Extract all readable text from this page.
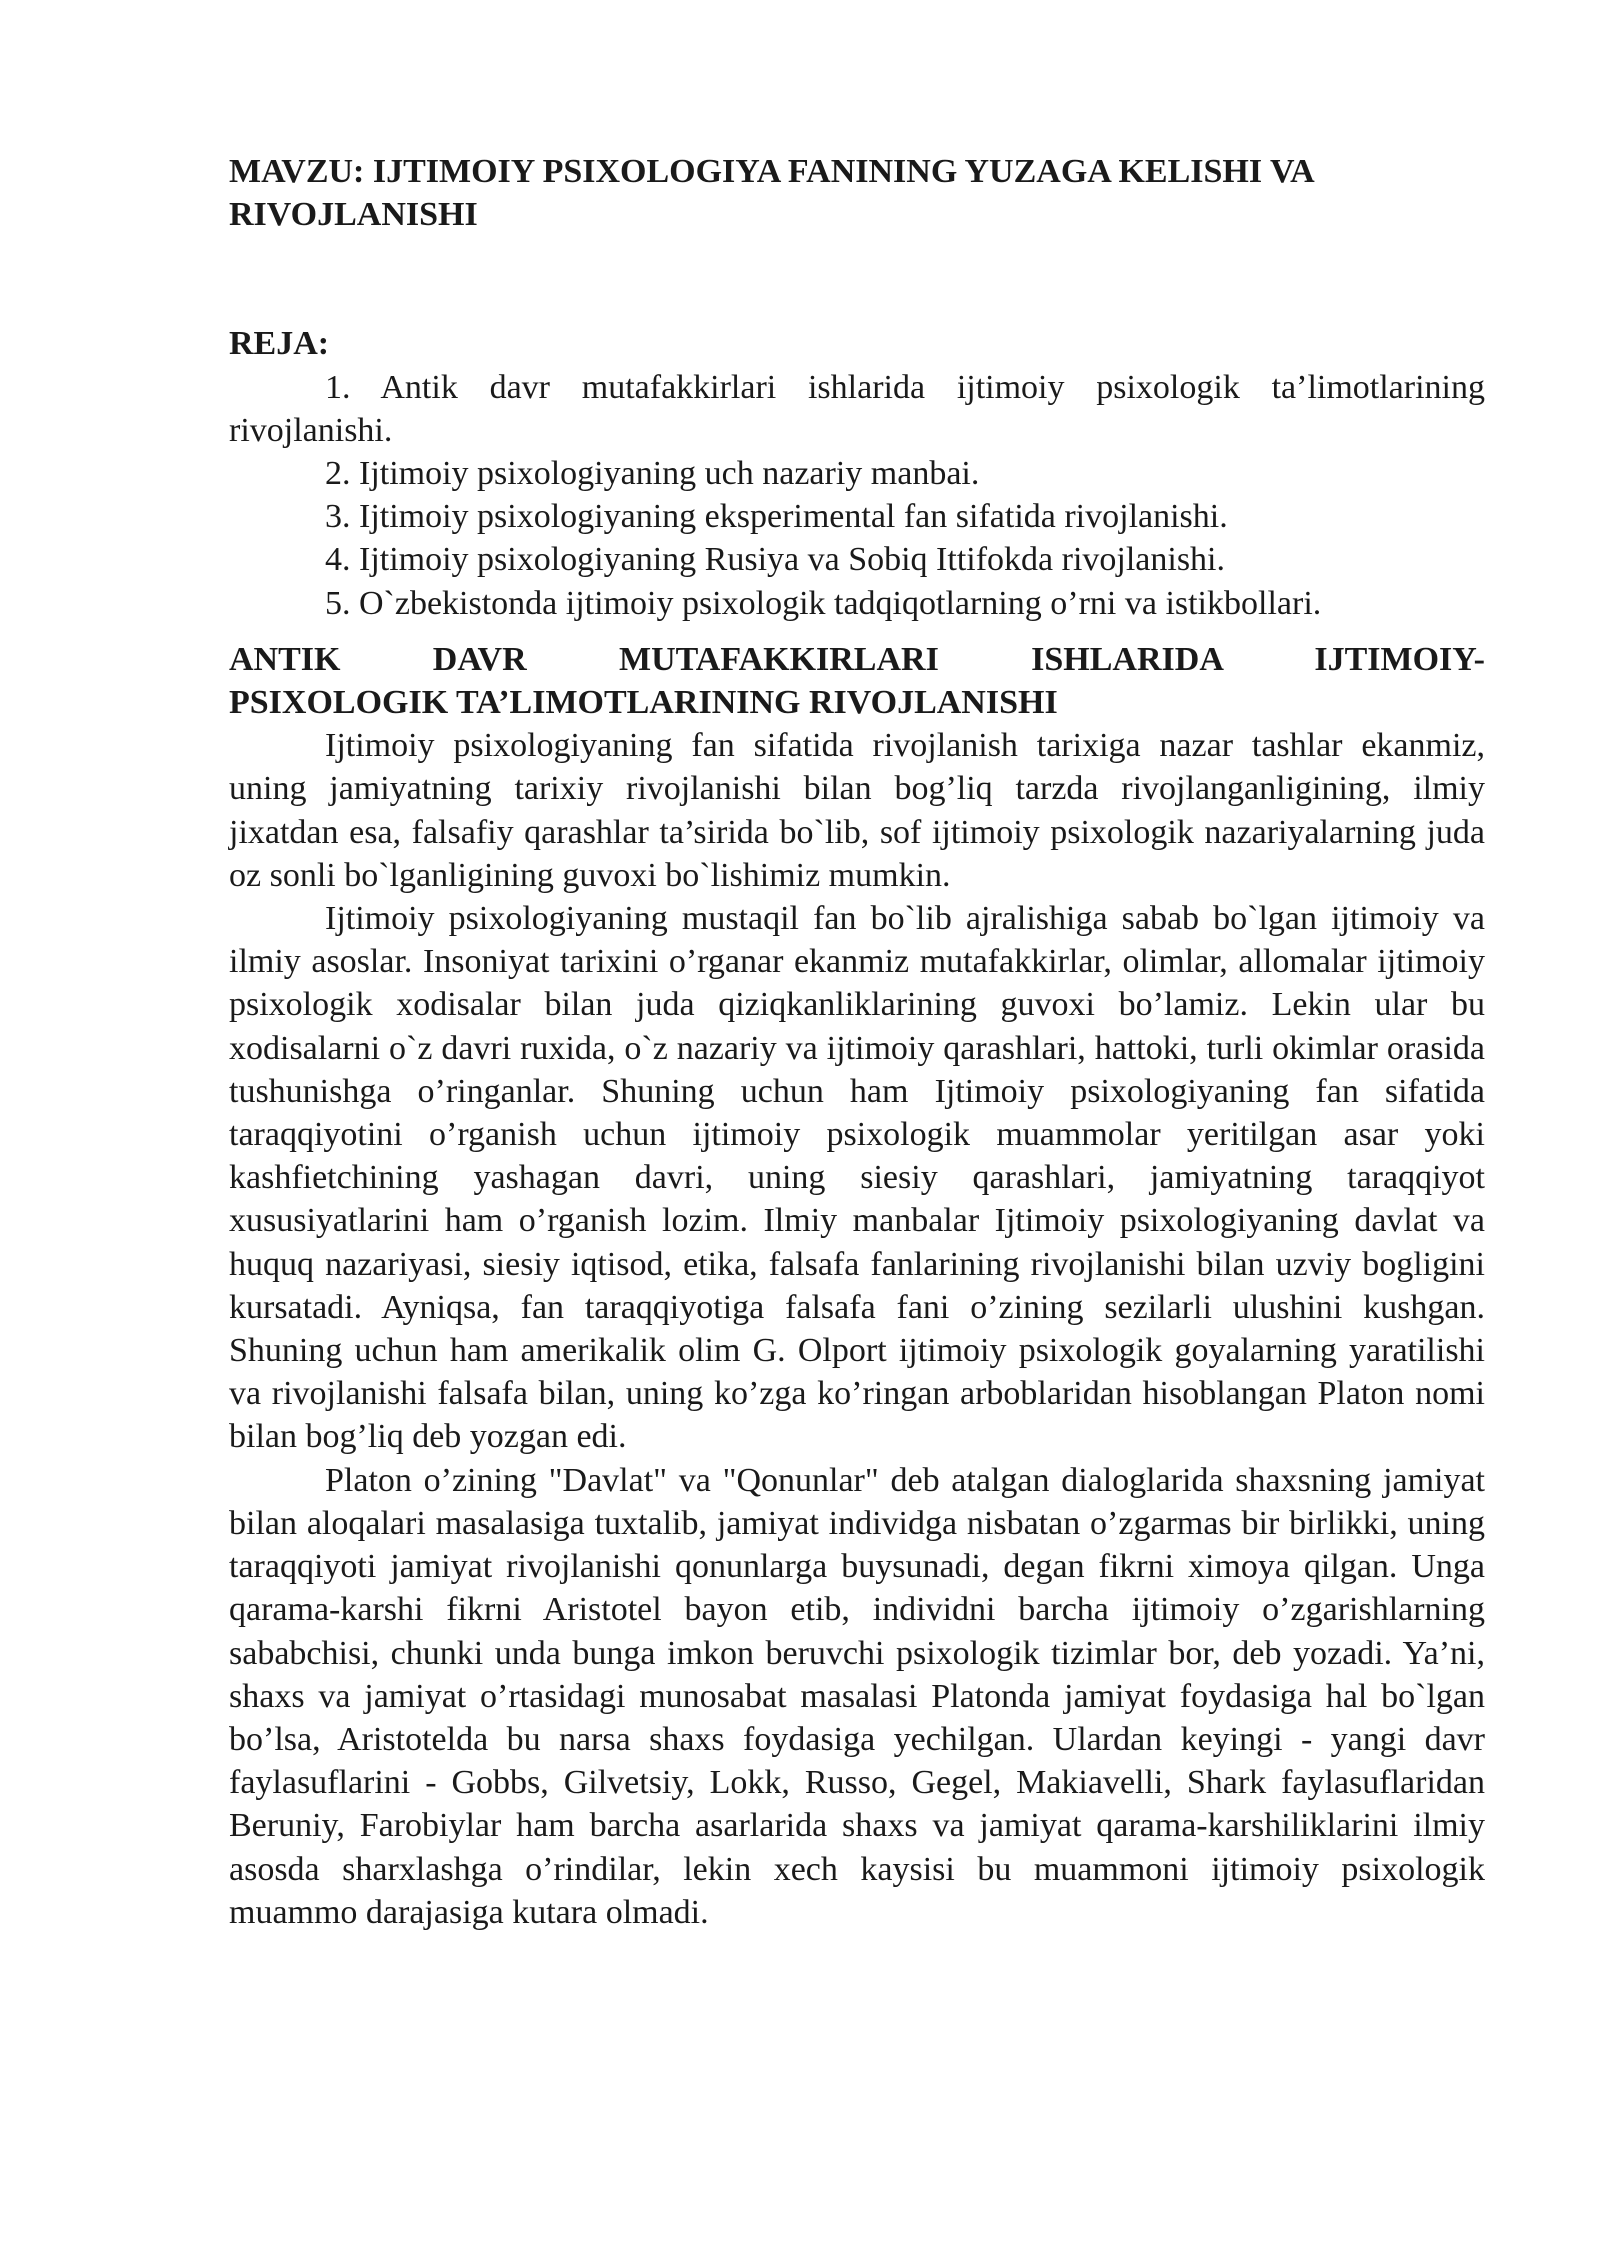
MAVZU: IJTIMOIY PSIXOLOGIYA FANINING YUZAGA KELISHI VA
RIVOJLANISHI

REJA:

1. Antik davr mutafakkirlari ishlarida ijtimoiy psixologik ta’limotlarining rivojlanishi.
2. Ijtimoiy psixologiyaning uch nazariy manbai.
3. Ijtimoiy psixologiyaning eksperimental fan sifatida rivojlanishi.
4. Ijtimoiy psixologiyaning Rusiya va Sobiq Ittifokda rivojlanishi.
5. O`zbekistonda ijtimoiy psixologik tadqiqotlarning o’rni va istikbollari.

ANTIK DAVR MUTAFAKKIRLARI ISHLARIDA IJTIMOIY-
PSIXOLOGIK TA’LIMOTLARINING RIVOJLANISHI

Ijtimoiy psixologiyaning fan sifatida rivojlanish tarixiga nazar tashlar ekanmiz, uning jamiyatning tarixiy rivojlanishi bilan bog’liq tarzda rivojlanganligining, ilmiy jixatdan esa, falsafiy qarashlar ta’sirida bo`lib, sof ijtimoiy psixologik nazariyalarning juda oz sonli bo`lganligining guvoxi bo`lishimiz mumkin.

Ijtimoiy psixologiyaning mustaqil fan bo`lib ajralishiga sabab bo`lgan ijtimoiy va ilmiy asoslar. Insoniyat tarixini o’rganar ekanmiz mutafakkirlar, olimlar, allomalar ijtimoiy psixologik xodisalar bilan juda qiziqkanliklarining guvoxi bo’lamiz. Lekin ular bu xodisalarni o`z davri ruxida, o`z nazariy va ijtimoiy qarashlari, hattoki, turli okimlar orasida tushunishga o’ringanlar. Shuning uchun ham Ijtimoiy psixologiyaning fan sifatida taraqqiyotini o’rganish uchun ijtimoiy psixologik muammolar yeritilgan asar yoki kashfietchining yashagan davri, uning siesiy qarashlari, jamiyatning taraqqiyot xususiyatlarini ham o’rganish lozim. Ilmiy manbalar Ijtimoiy psixologiyaning davlat va huquq nazariyasi, siesiy iqtisod, etika, falsafa fanlarining rivojlanishi bilan uzviy bogligini kursatadi. Ayniqsa, fan taraqqiyotiga falsafa fani o’zining sezilarli ulushini kushgan. Shuning uchun ham amerikalik olim G. Olport ijtimoiy psixologik goyalarning yaratilishi va rivojlanishi falsafa bilan, uning ko’zga ko’ringan arboblaridan hisoblangan Platon nomi bilan bog’liq deb yozgan edi.

Platon o’zining "Davlat" va "Qonunlar" deb atalgan dialoglarida shaxsning jamiyat bilan aloqalari masalasiga tuxtalib, jamiyat individga nisbatan o’zgarmas bir birlikki, uning taraqqiyoti jamiyat rivojlanishi qonunlarga buysunadi, degan fikrni ximoya qilgan. Unga qarama-karshi fikrni Aristotel bayon etib, individni barcha ijtimoiy o’zgarishlarning sababchisi, chunki unda bunga imkon beruvchi psixologik tizimlar bor, deb yozadi. Ya’ni, shaxs va jamiyat o’rtasidagi munosabat masalasi Platonda jamiyat foydasiga hal bo`lgan bo’lsa, Aristotelda bu narsa shaxs foydasiga yechilgan. Ulardan keyingi - yangi davr faylasuflarini - Gobbs, Gilvetsiy, Lokk, Russo, Gegel, Makiavelli, Shark faylasuflaridan Beruniy, Farobiylar ham barcha asarlarida shaxs va jamiyat qarama-karshiliklarini ilmiy asosda sharxlashga o’rindilar, lekin xech kaysisi bu muammoni ijtimoiy psixologik muammo darajasiga kutara olmadi.
